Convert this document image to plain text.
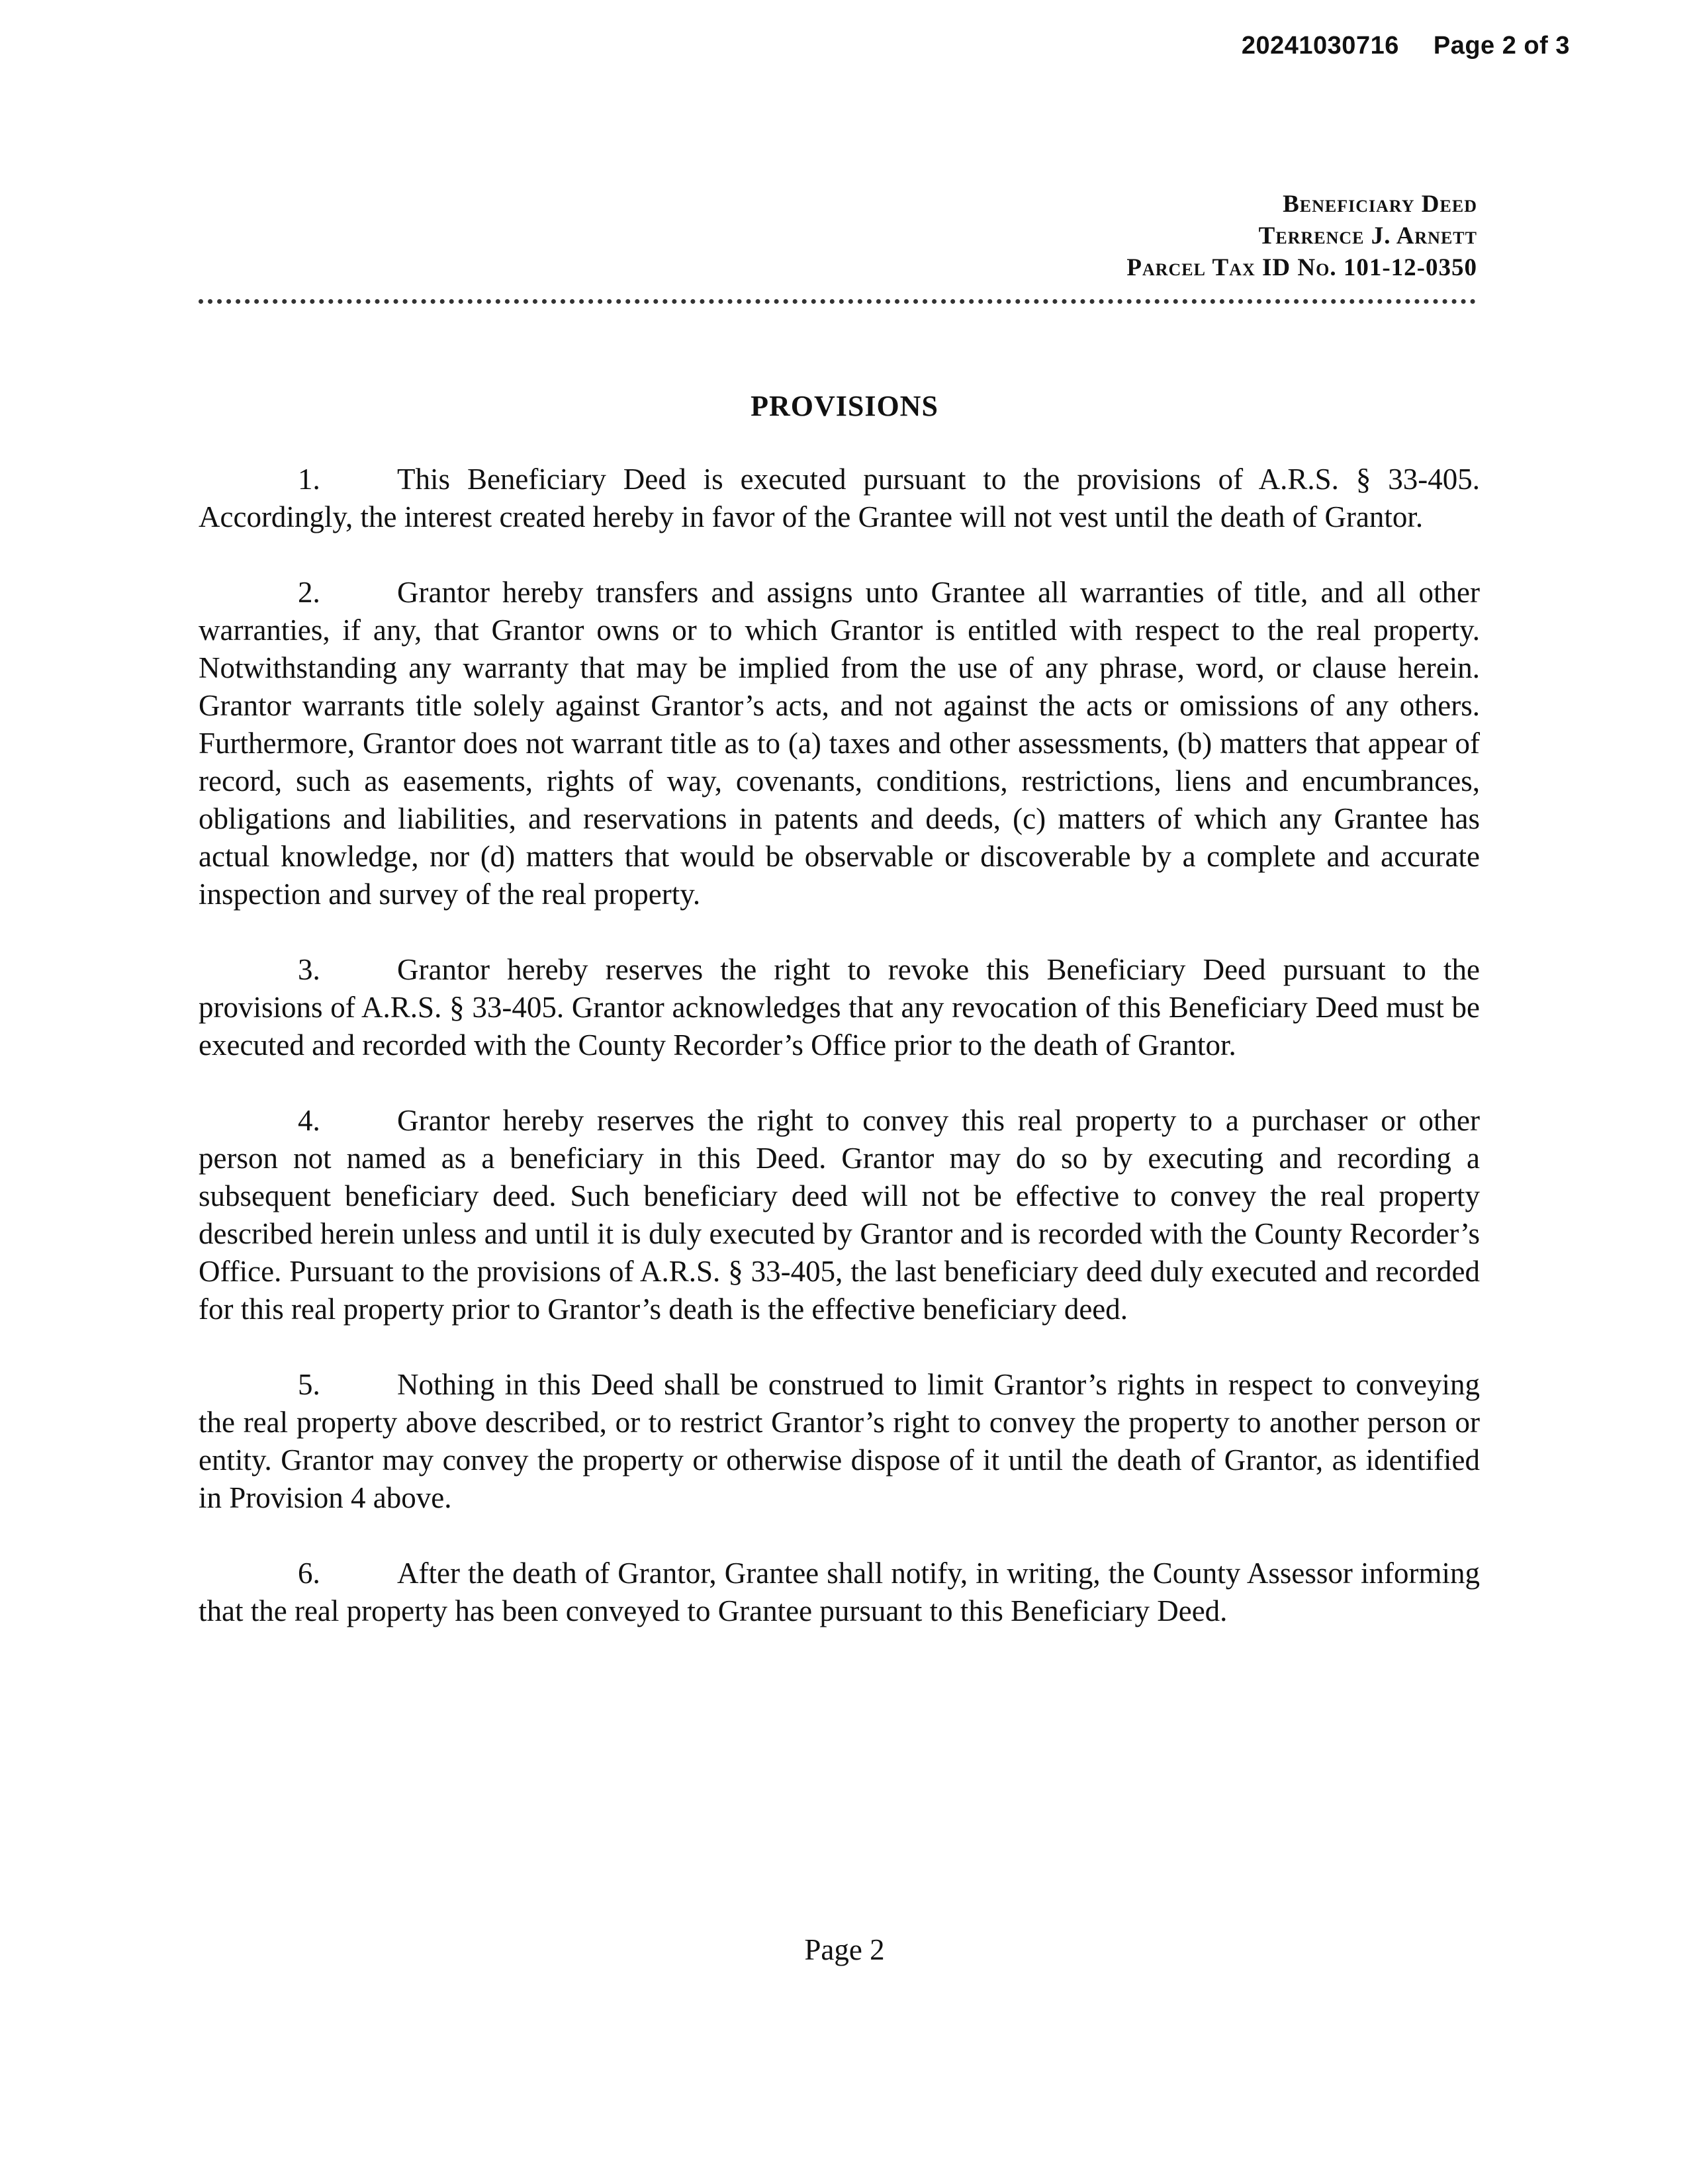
20241030716 Page 2 of 3
Beneficiary Deed
Terrence J. Arnett
Parcel Tax ID No. 101-12-0350
PROVISIONS

1.	This Beneficiary Deed is executed pursuant to the provisions of A.R.S. § 33-405. Accordingly, the interest created hereby in favor of the Grantee will not vest until the death of Grantor.

2.	Grantor hereby transfers and assigns unto Grantee all warranties of title, and all other warranties, if any, that Grantor owns or to which Grantor is entitled with respect to the real property. Notwithstanding any warranty that may be implied from the use of any phrase, word, or clause herein. Grantor warrants title solely against Grantor’s acts, and not against the acts or omissions of any others. Furthermore, Grantor does not warrant title as to (a) taxes and other assessments, (b) matters that appear of record, such as easements, rights of way, covenants, conditions, restrictions, liens and encumbrances, obligations and liabilities, and reservations in patents and deeds, (c) matters of which any Grantee has actual knowledge, nor (d) matters that would be observable or discoverable by a complete and accurate inspection and survey of the real property.

3.	Grantor hereby reserves the right to revoke this Beneficiary Deed pursuant to the provisions of A.R.S. § 33-405. Grantor acknowledges that any revocation of this Beneficiary Deed must be executed and recorded with the County Recorder’s Office prior to the death of Grantor.

4.	Grantor hereby reserves the right to convey this real property to a purchaser or other person not named as a beneficiary in this Deed. Grantor may do so by executing and recording a subsequent beneficiary deed. Such beneficiary deed will not be effective to convey the real property described herein unless and until it is duly executed by Grantor and is recorded with the County Recorder’s Office. Pursuant to the provisions of A.R.S. § 33-405, the last beneficiary deed duly executed and recorded for this real property prior to Grantor’s death is the effective beneficiary deed.

5.	Nothing in this Deed shall be construed to limit Grantor’s rights in respect to conveying the real property above described, or to restrict Grantor’s right to convey the property to another person or entity. Grantor may convey the property or otherwise dispose of it until the death of Grantor, as identified in Provision 4 above.

6.	After the death of Grantor, Grantee shall notify, in writing, the County Assessor informing that the real property has been conveyed to Grantee pursuant to this Beneficiary Deed.

Page 2
